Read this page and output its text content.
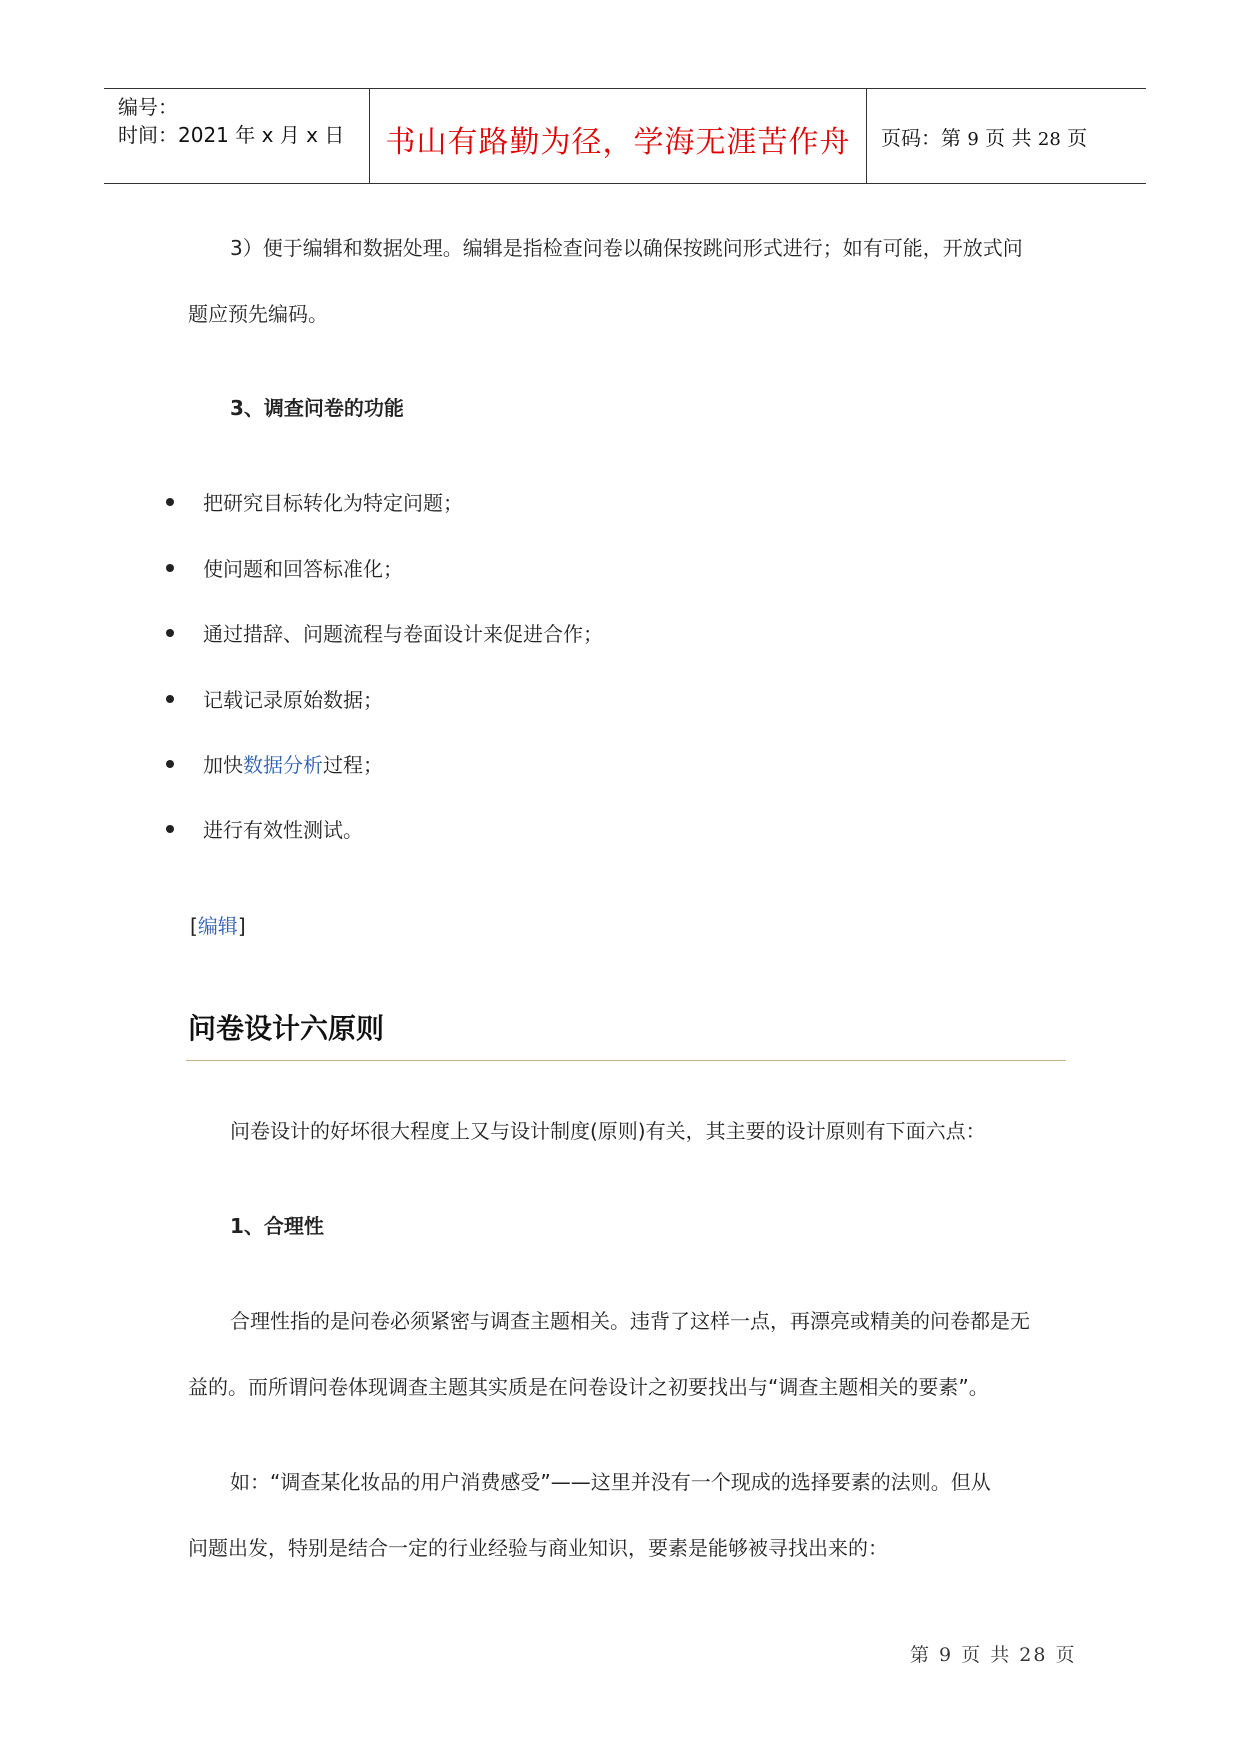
编号：
时间：2021 年 x 月 x 日	书山有路勤为径，学海无涯苦作舟	页码：第 9 页 共 28 页
3）便于编辑和数据处理。编辑是指检查问卷以确保按跳问形式进行；如有可能，开放式问
题应预先编码。
3、调查问卷的功能
把研究目标转化为特定问题；
使问题和回答标准化；
通过措辞、问题流程与卷面设计来促进合作；
记载记录原始数据；
加快数据分析过程；
进行有效性测试。
[编辑]
问卷设计六原则
问卷设计的好坏很大程度上又与设计制度(原则)有关，其主要的设计原则有下面六点：
1、合理性
合理性指的是问卷必须紧密与调查主题相关。违背了这样一点，再漂亮或精美的问卷都是无
益的。而所谓问卷体现调查主题其实质是在问卷设计之初要找出与“调查主题相关的要素”。
如：“调查某化妆品的用户消费感受”——这里并没有一个现成的选择要素的法则。但从
问题出发，特别是结合一定的行业经验与商业知识，要素是能够被寻找出来的：
第 9 页 共 28 页
